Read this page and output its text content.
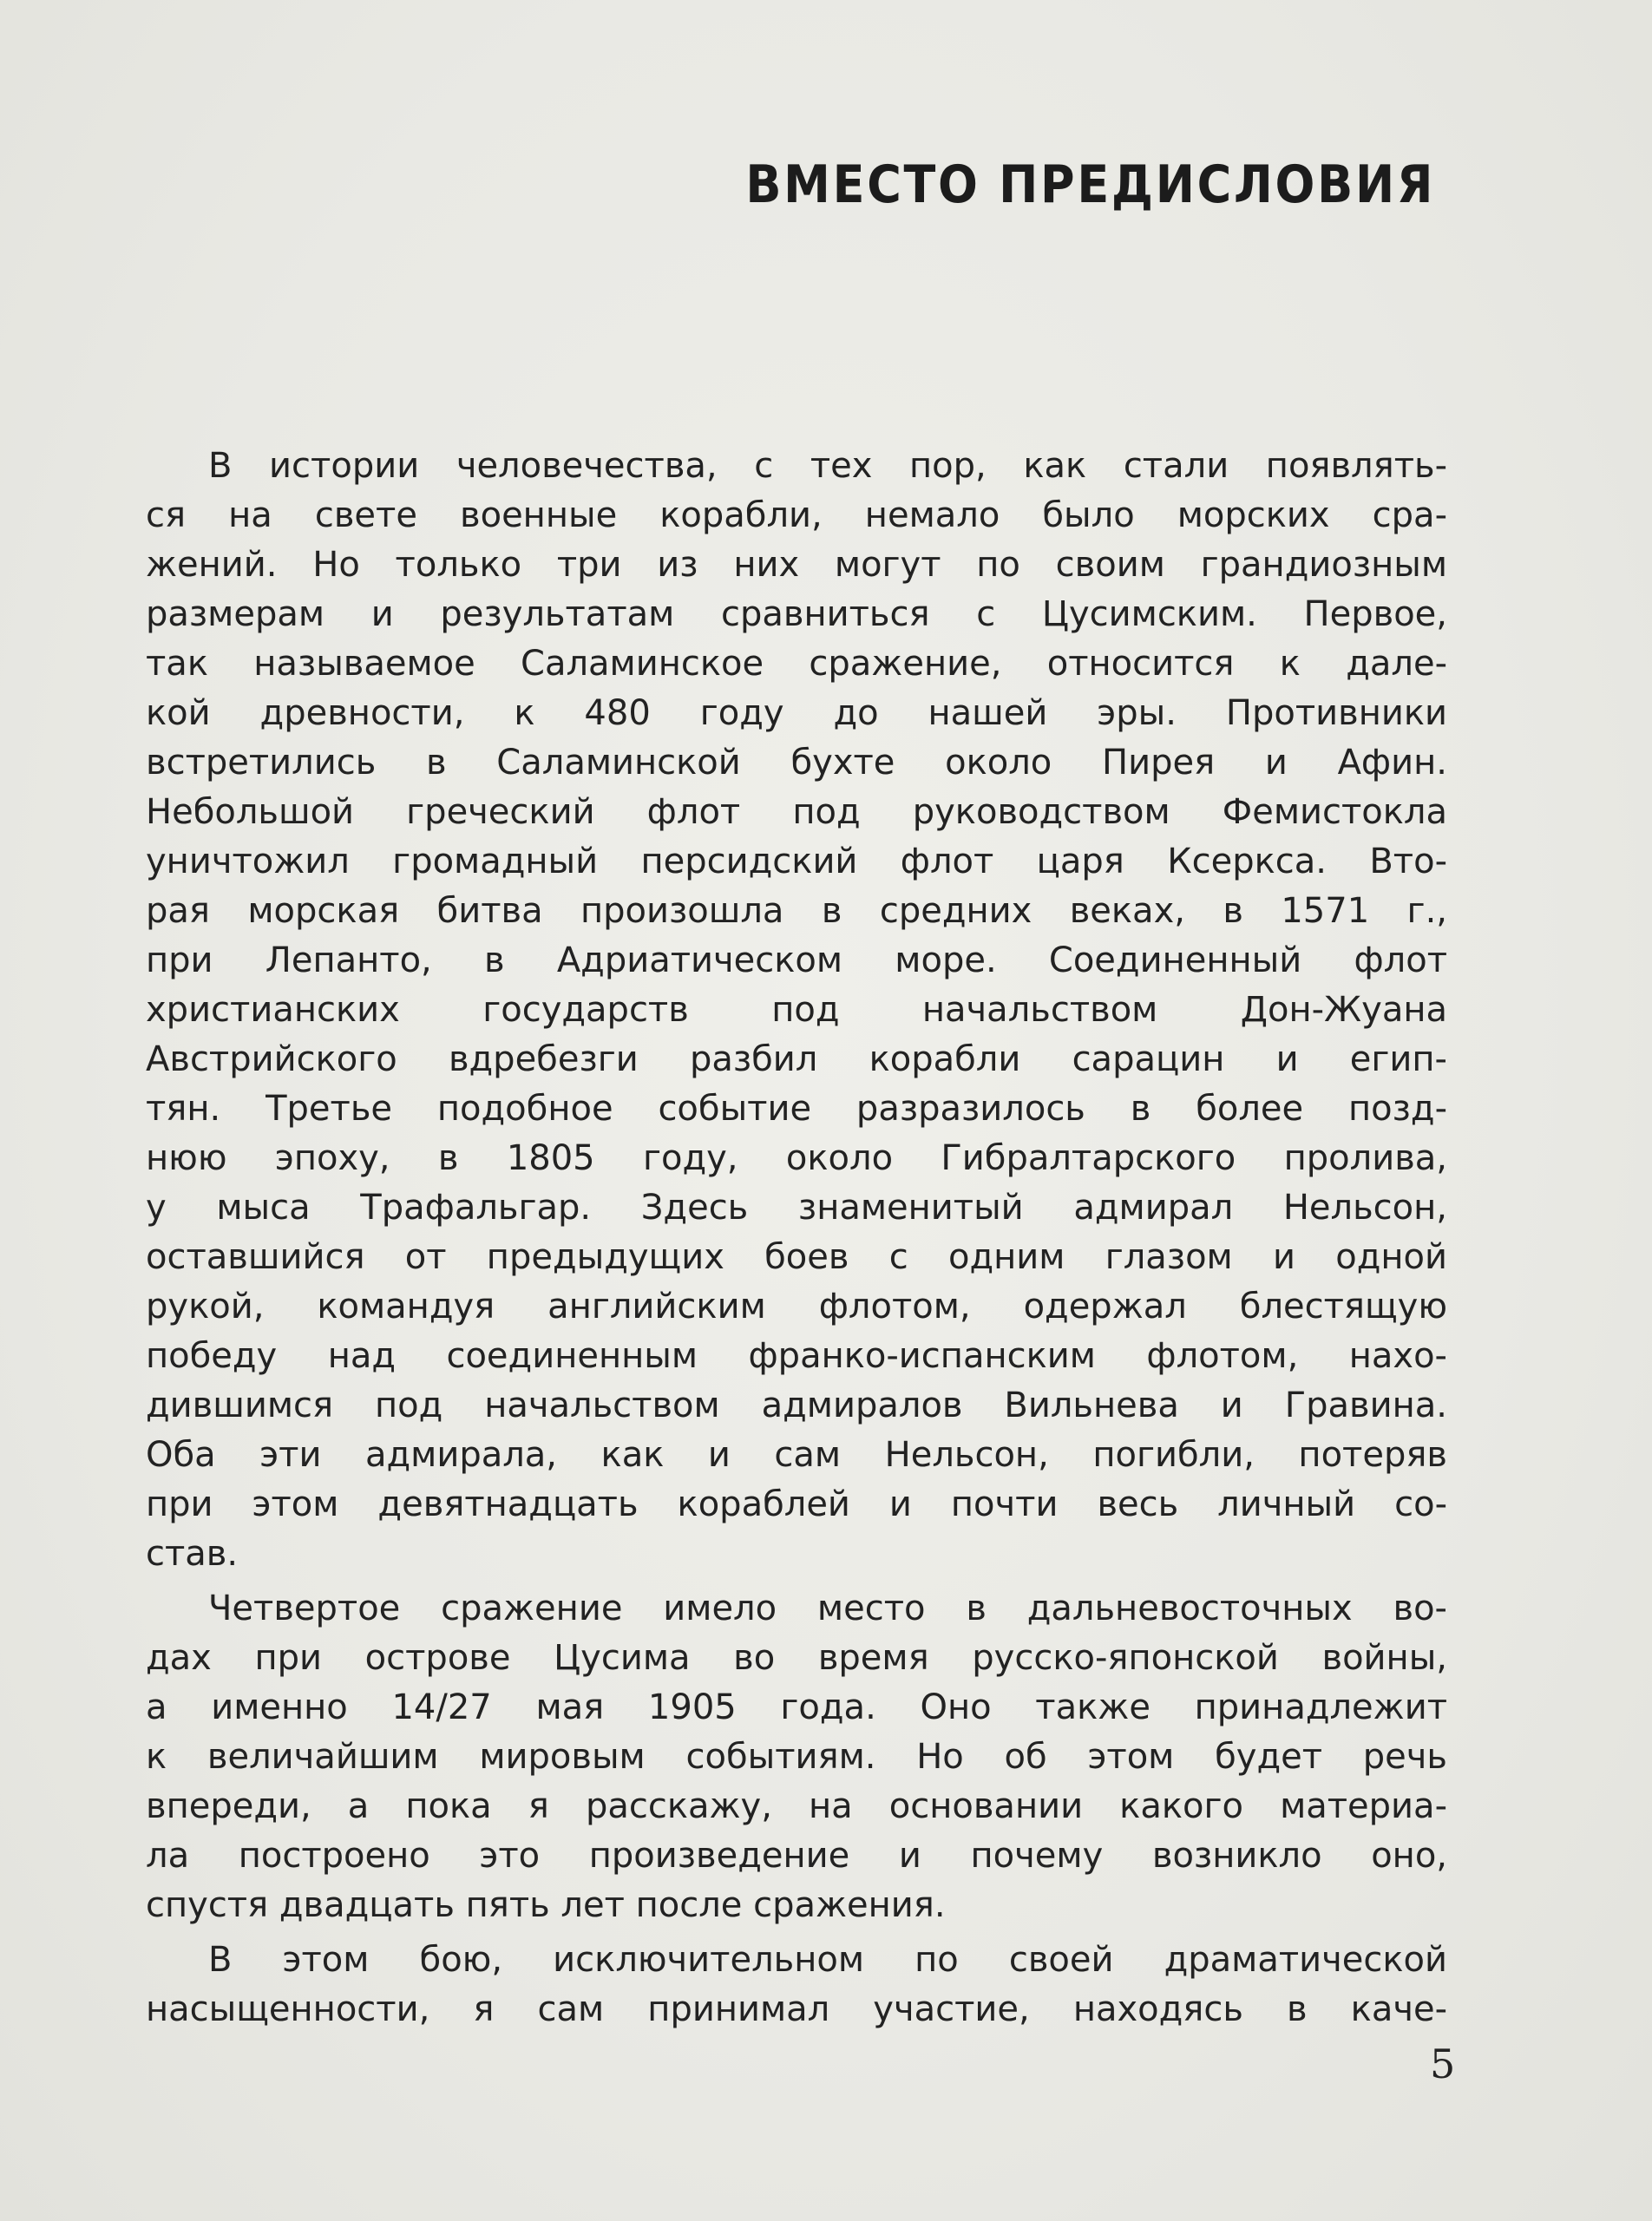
ВМЕСТО ПРЕДИСЛОВИЯ
В истории человечества, с тех пор, как стали появлять-
ся на свете военные корабли, немало было морских сра-
жений. Но только три из них могут по своим грандиозным
размерам и результатам сравниться с Цусимским. Первое,
так называемое Саламинское сражение, относится к дале-
кой древности, к 480 году до нашей эры. Противники
встретились в Саламинской бухте около Пирея и Афин.
Небольшой греческий флот под руководством Фемистокла
уничтожил громадный персидский флот царя Ксеркса. Вто-
рая морская битва произошла в средних веках, в 1571 г.,
при Лепанто, в Адриатическом море. Соединенный флот
христианских государств под начальством Дон-Жуана
Австрийского вдребезги разбил корабли сарацин и егип-
тян. Третье подобное событие разразилось в более позд-
нюю эпоху, в 1805 году, около Гибралтарского пролива,
у мыса Трафальгар. Здесь знаменитый адмирал Нельсон,
оставшийся от предыдущих боев с одним глазом и одной
рукой, командуя английским флотом, одержал блестящую
победу над соединенным франко-испанским флотом, нахо-
дившимся под начальством адмиралов Вильнева и Гравина.
Оба эти адмирала, как и сам Нельсон, погибли, потеряв
при этом девятнадцать кораблей и почти весь личный со-
став.
Четвертое сражение имело место в дальневосточных во-
дах при острове Цусима во время русско-японской войны,
а именно 14/27 мая 1905 года. Оно также принадлежит
к величайшим мировым событиям. Но об этом будет речь
впереди, а пока я расскажу, на основании какого материа-
ла построено это произведение и почему возникло оно,
спустя двадцать пять лет после сражения.
В этом бою, исключительном по своей драматической
насыщенности, я сам принимал участие, находясь в каче-
5
